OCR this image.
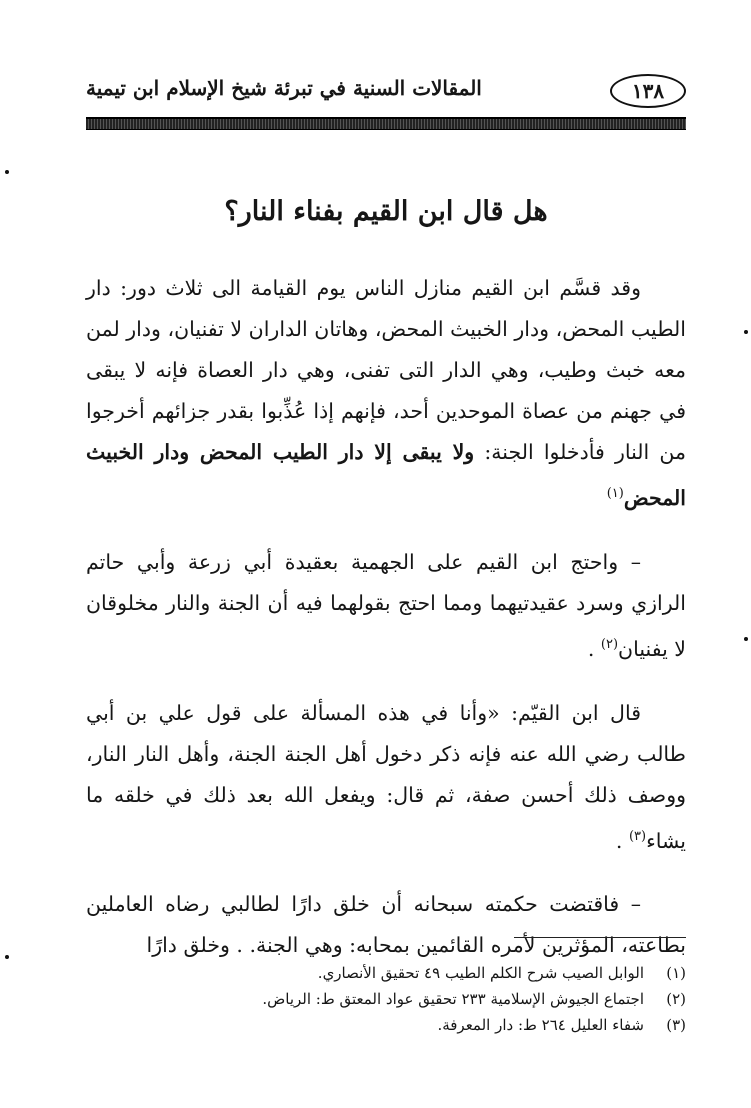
١٣٨
المقالات السنية في تبرئة شيخ الإسلام ابن تيمية
هل قال ابن القيم بفناء النار؟

وقد قسَّم ابن القيم منازل الناس يوم القيامة الى ثلاث دور: دار الطيب المحض، ودار الخبيث المحض، وهاتان الداران لا تفنيان، ودار لمن معه خبث وطيب، وهي الدار التى تفنى، وهي دار العصاة فإنه لا يبقى في جهنم من عصاة الموحدين أحد، فإنهم إذا عُذِّبوا بقدر جزائهم أخرجوا من النار فأدخلوا الجنة: ولا يبقى إلا دار الطيب المحض ودار الخبيث المحض$^{(١)}$

– واحتج ابن القيم على الجهمية بعقيدة أبي زرعة وأبي حاتم الرازي وسرد عقيدتيهما ومما احتج بقولهما فيه أن الجنة والنار مخلوقان لا يفنيان$^{(٢)}$ .

قال ابن القيّم: «وأنا في هذه المسألة على قول علي بن أبي طالب رضي الله عنه فإنه ذكر دخول أهل الجنة الجنة، وأهل النار النار، ووصف ذلك أحسن صفة، ثم قال: ويفعل الله بعد ذلك في خلقه ما يشاء$^{(٣)}$ .

– فاقتضت حكمته سبحانه أن خلق دارًا لطالبي رضاه العاملين بطاعته، المؤثرين لأمره القائمين بمحابه: وهي الجنة. . وخلق دارًا

(١)
الوابل الصيب شرح الكلم الطيب ٤٩ تحقيق الأنصاري.
(٢)
اجتماع الجيوش الإسلامية ٢٣٣ تحقيق عواد المعتق ط: الرياض.
(٣)
شفاء العليل ٢٦٤ ط: دار المعرفة.
